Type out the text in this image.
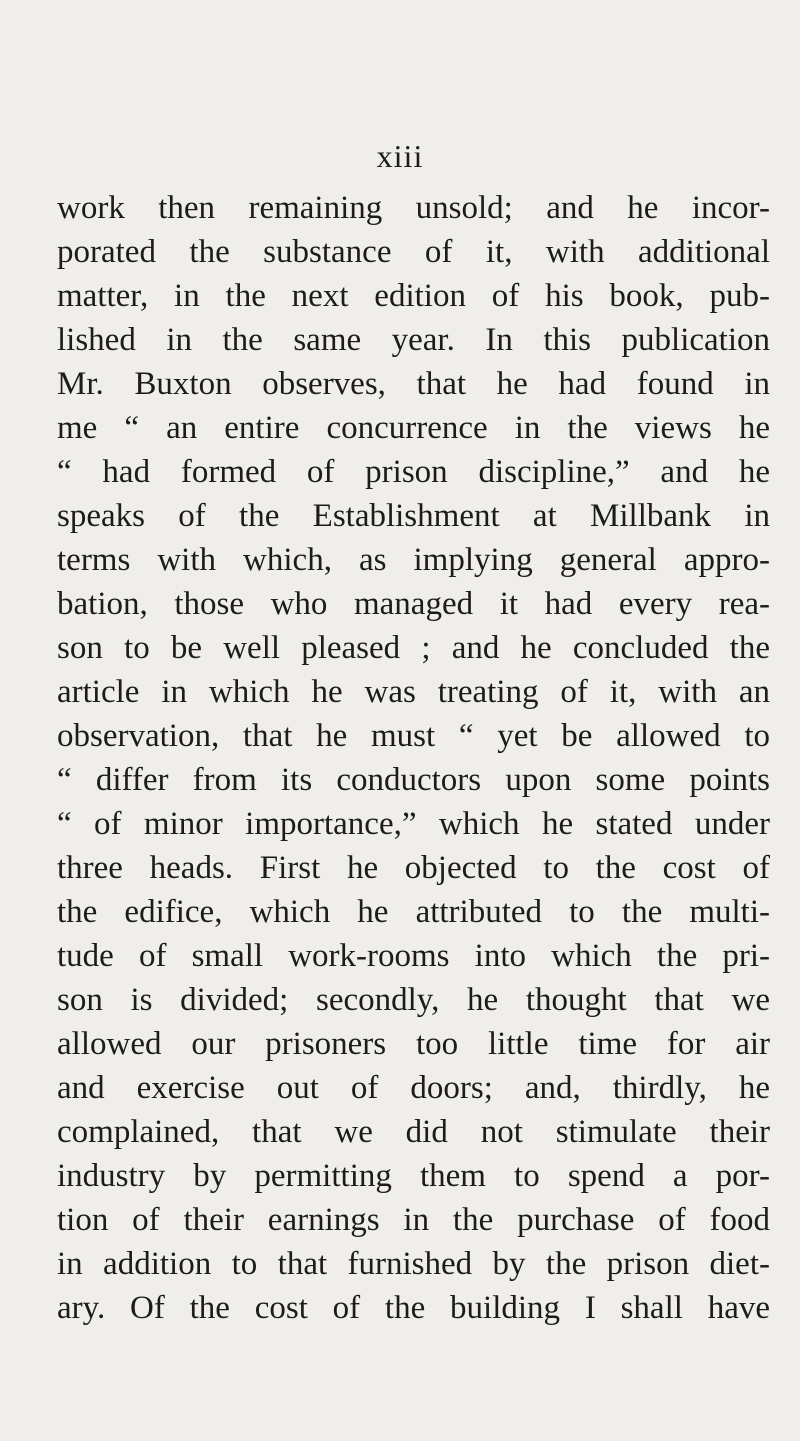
xiii
work then remaining unsold; and he incor-
porated the substance of it, with additional
matter, in the next edition of his book, pub-
lished in the same year. In this publication
Mr. Buxton observes, that he had found in
me “ an entire concurrence in the views he
“ had formed of prison discipline,” and he
speaks of the Establishment at Millbank in
terms with which, as implying general appro-
bation, those who managed it had every rea-
son to be well pleased ; and he concluded the
article in which he was treating of it, with an
observation, that he must “ yet be allowed to
“ differ from its conductors upon some points
“ of minor importance,” which he stated under
three heads. First he objected to the cost of
the edifice, which he attributed to the multi-
tude of small work-rooms into which the pri-
son is divided; secondly, he thought that we
allowed our prisoners too little time for air
and exercise out of doors; and, thirdly, he
complained, that we did not stimulate their
industry by permitting them to spend a por-
tion of their earnings in the purchase of food
in addition to that furnished by the prison diet-
ary. Of the cost of the building I shall have
